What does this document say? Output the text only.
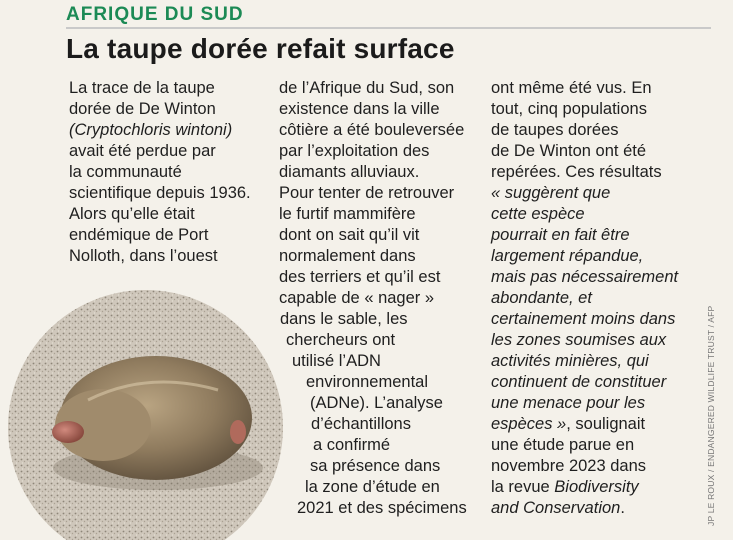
AFRIQUE DU SUD
La taupe dorée refait surface
La trace de la taupe
dorée de De Winton
(Cryptochloris wintoni)
avait été perdue par
la communauté
scientifique depuis 1936.
Alors qu’elle était
endémique de Port
Nolloth, dans l’ouest
de l’Afrique du Sud, son
existence dans la ville
côtière a été bouleversée
par l’exploitation des
diamants alluviaux.
Pour tenter de retrouver
le furtif mammifère
dont on sait qu’il vit
normalement dans
des terriers et qu’il est
capable de « nager »
dans le sable, les
chercheurs ont
utilisé l’ADN
environnemental
(ADNe). L’analyse
d’échantillons
a confirmé
sa présence dans
la zone d’étude en
2021 et des spécimens
ont même été vus. En
tout, cinq populations
de taupes dorées
de De Winton ont été
repérées. Ces résultats
« suggèrent que
cette espèce
pourrait en fait être
largement répandue,
mais pas nécessairement
abondante, et
certainement moins dans
les zones soumises aux
activités minières, qui
continuent de constituer
une menace pour les
espèces », soulignait
une étude parue en
novembre 2023 dans
la revue Biodiversity
and Conservation.	JP LE ROUX / ENDANGERED WILDLIFE TRUST / AFP
